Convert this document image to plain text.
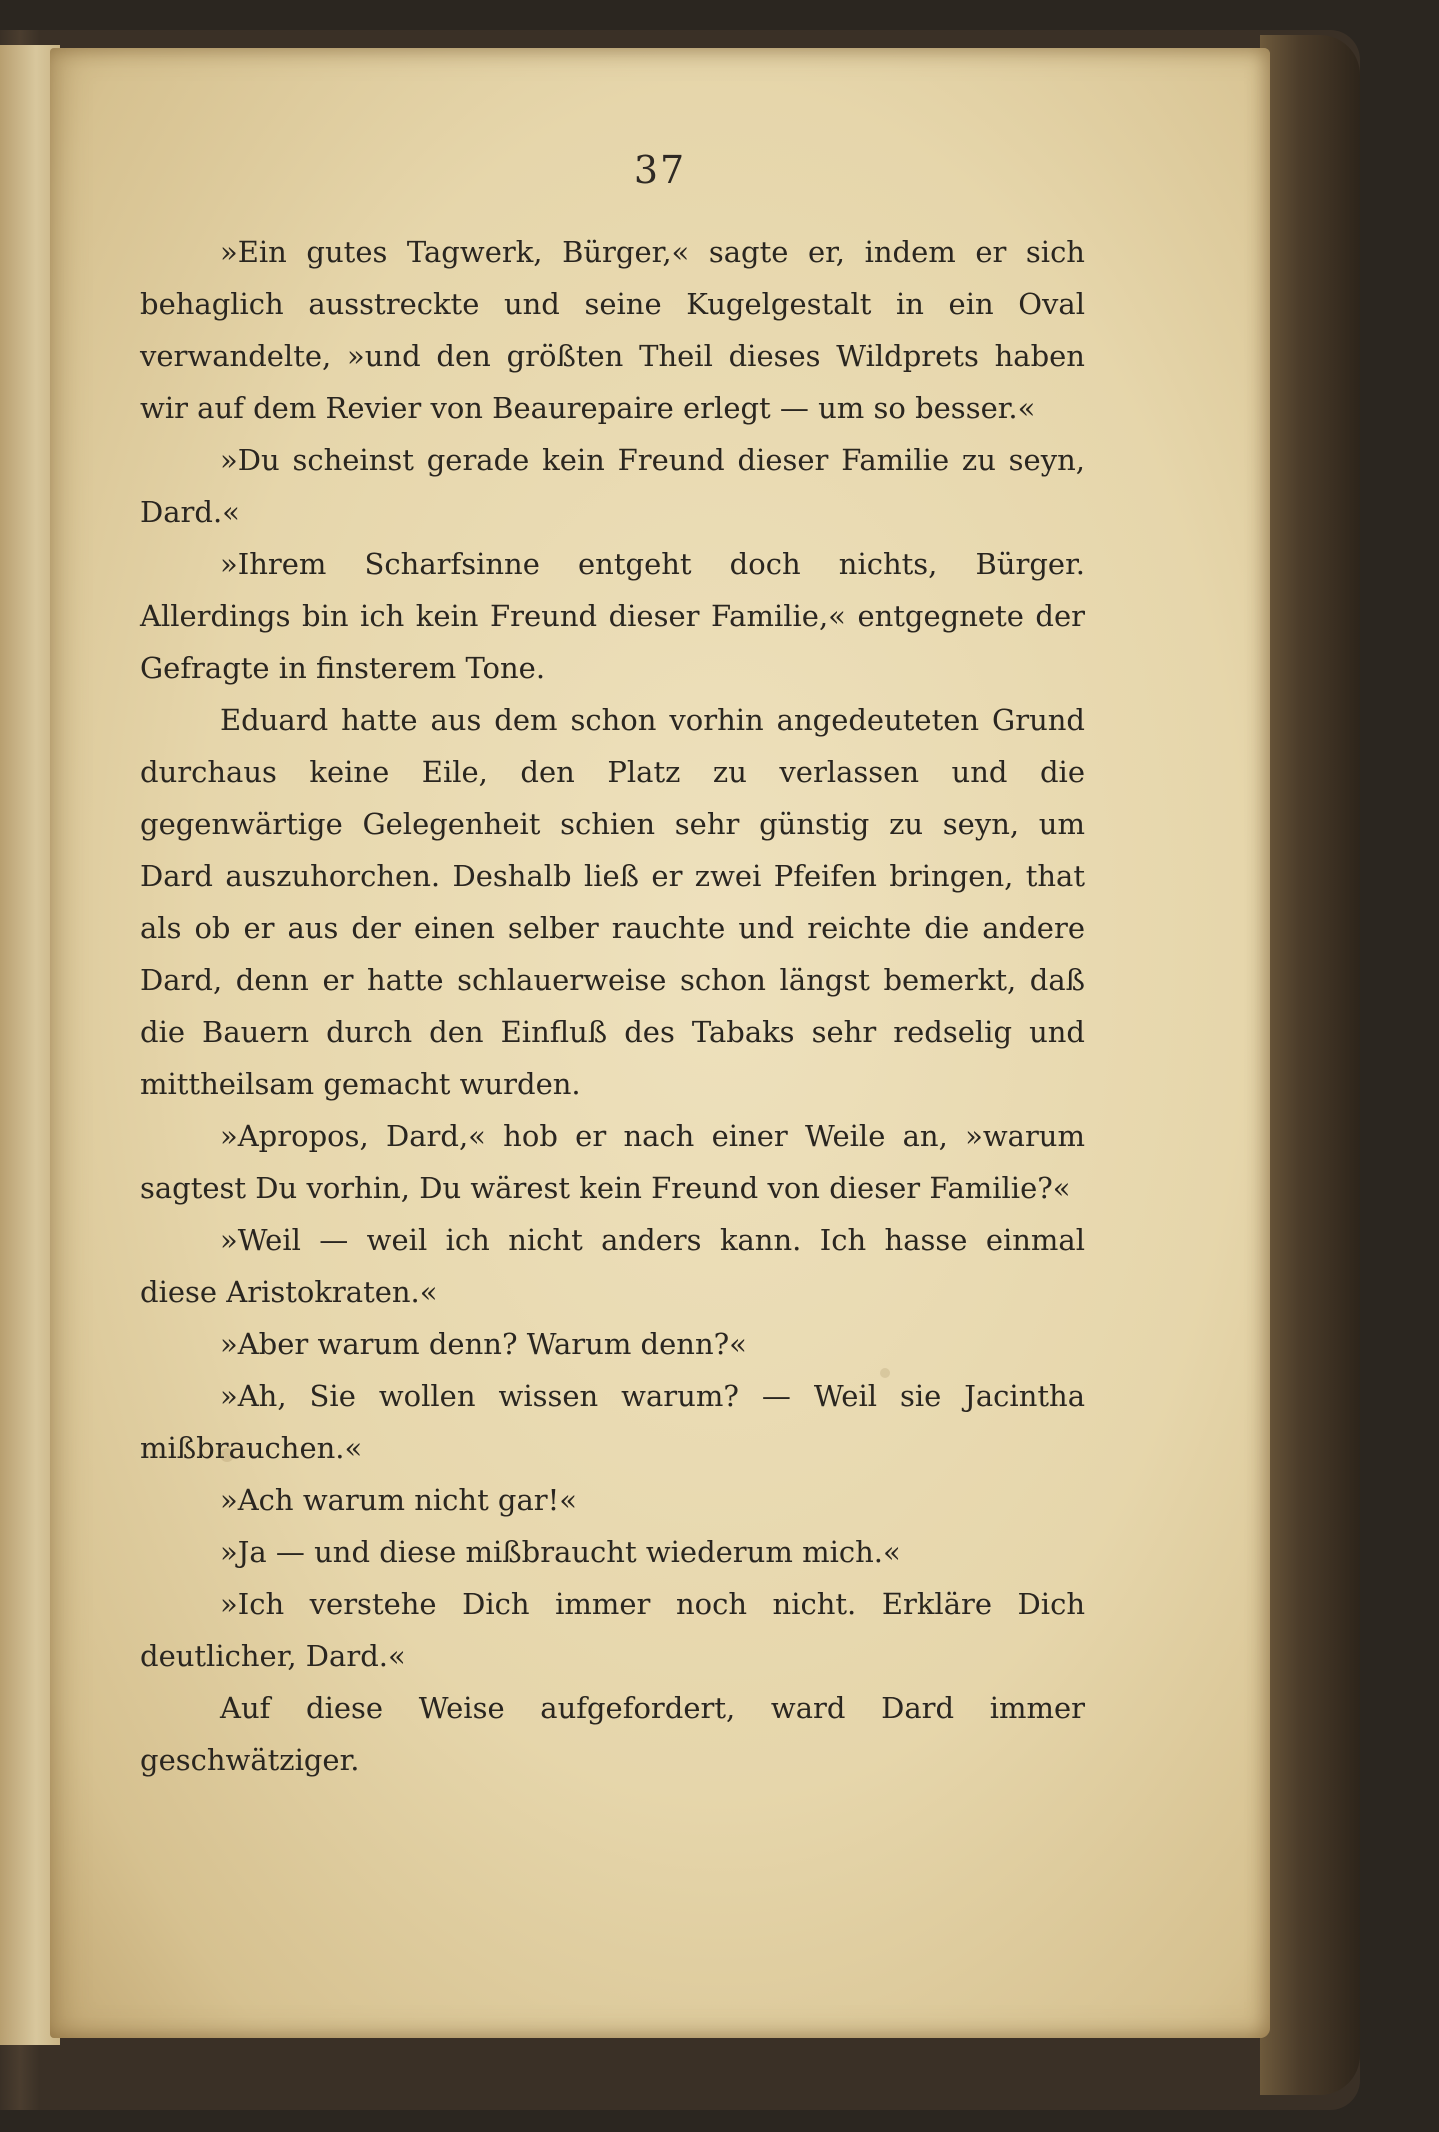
37

»Ein gutes Tagwerk, Bürger,« sagte er, indem er sich behaglich ausstreckte und seine Kugelgestalt in ein Oval verwandelte, »und den größten Theil dieses Wildprets haben wir auf dem Revier von Beaurepaire erlegt — um so besser.«

»Du scheinst gerade kein Freund dieser Familie zu seyn, Dard.«

»Ihrem Scharfsinne entgeht doch nichts, Bürger. Allerdings bin ich kein Freund dieser Familie,« entgegnete der Gefragte in finsterem Tone.

Eduard hatte aus dem schon vorhin angedeuteten Grund durchaus keine Eile, den Platz zu verlassen und die gegenwärtige Gelegenheit schien sehr günstig zu seyn, um Dard auszuhorchen. Deshalb ließ er zwei Pfeifen bringen, that als ob er aus der einen selber rauchte und reichte die andere Dard, denn er hatte schlauerweise schon längst bemerkt, daß die Bauern durch den Einfluß des Tabaks sehr redselig und mittheilsam gemacht wurden.

»Apropos, Dard,« hob er nach einer Weile an, »warum sagtest Du vorhin, Du wärest kein Freund von dieser Familie?«

»Weil — weil ich nicht anders kann. Ich hasse einmal diese Aristokraten.«

»Aber warum denn? Warum denn?«

»Ah, Sie wollen wissen warum? — Weil sie Jacintha mißbrauchen.«

»Ach warum nicht gar!«

»Ja — und diese mißbraucht wiederum mich.«

»Ich verstehe Dich immer noch nicht. Erkläre Dich deutlicher, Dard.«

Auf diese Weise aufgefordert, ward Dard immer geschwätziger.
